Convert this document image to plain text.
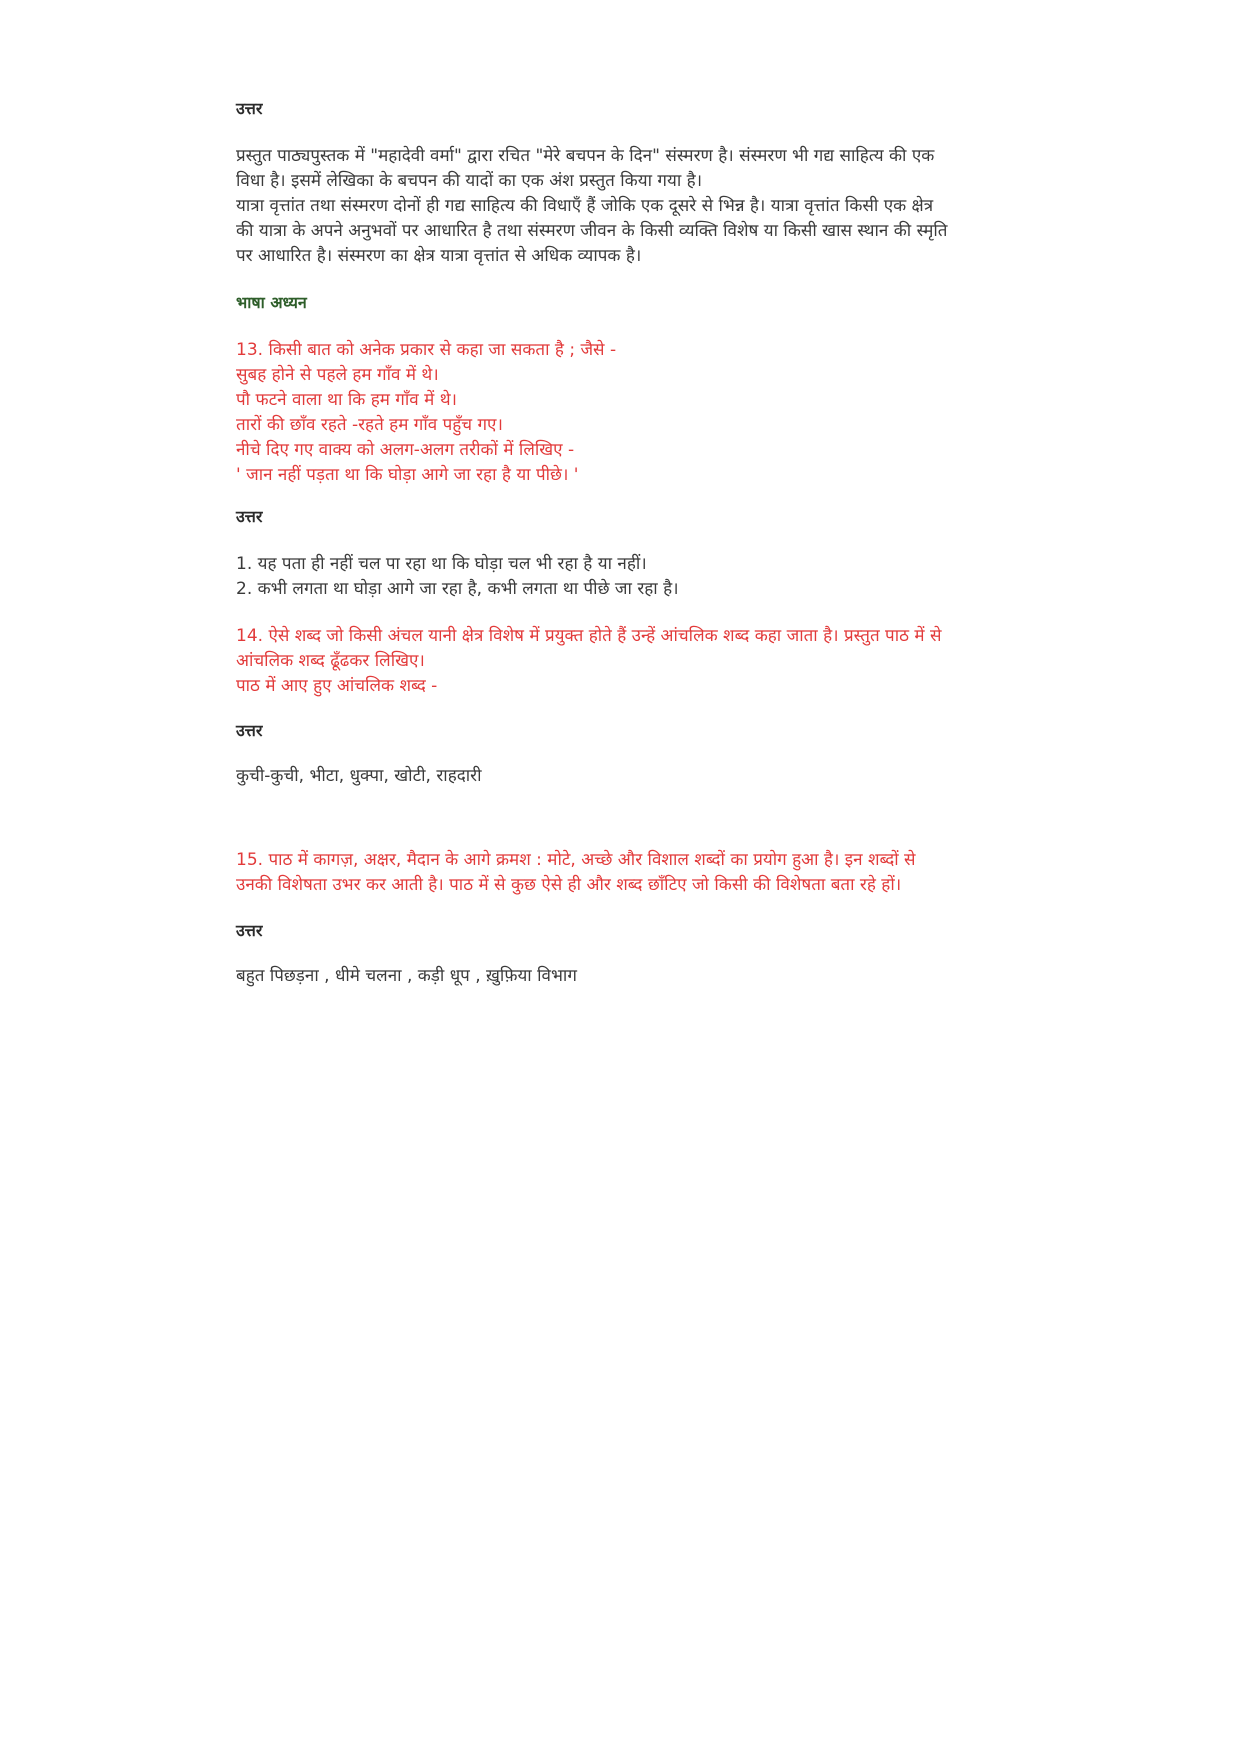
उत्तर
प्रस्तुत पाठ्यपुस्तक में "महादेवी वर्मा" द्वारा रचित "मेरे बचपन के दिन" संस्मरण है। संस्मरण भी गद्य साहित्य की एक
विधा है। इसमें लेखिका के बचपन की यादों का एक अंश प्रस्तुत किया गया है।
यात्रा वृत्तांत तथा संस्मरण दोनों ही गद्य साहित्य की विधाएँ हैं जोकि एक दूसरे से भिन्न है। यात्रा वृत्तांत किसी एक क्षेत्र
की यात्रा के अपने अनुभवों पर आधारित है तथा संस्मरण जीवन के किसी व्यक्ति विशेष या किसी खास स्थान की स्मृति
पर आधारित है। संस्मरण का क्षेत्र यात्रा वृत्तांत से अधिक व्यापक है।
भाषा अध्यन
13. किसी बात को अनेक प्रकार से कहा जा सकता है ; जैसे -
सुबह होने से पहले हम गाँव में थे।
पौ फटने वाला था कि हम गाँव में थे।
तारों की छाँव रहते -रहते हम गाँव पहुँच गए।
नीचे दिए गए वाक्य को अलग-अलग तरीकों में लिखिए -
' जान नहीं पड़ता था कि घोड़ा आगे जा रहा है या पीछे। '
उत्तर
1. यह पता ही नहीं चल पा रहा था कि घोड़ा चल भी रहा है या नहीं।
2. कभी लगता था घोड़ा आगे जा रहा है, कभी लगता था पीछे जा रहा है।
14. ऐसे शब्द जो किसी अंचल यानी क्षेत्र विशेष में प्रयुक्त होते हैं उन्हें आंचलिक शब्द कहा जाता है। प्रस्तुत पाठ में से
आंचलिक शब्द ढूँढकर लिखिए।
पाठ में आए हुए आंचलिक शब्द -
उत्तर
कुची-कुची, भीटा, धुक्पा, खोटी, राहदारी
15. पाठ में कागज़, अक्षर, मैदान के आगे क्रमश : मोटे, अच्छे और विशाल शब्दों का प्रयोग हुआ है। इन शब्दों से
उनकी विशेषता उभर कर आती है। पाठ में से कुछ ऐसे ही और शब्द छाँटिए जो किसी की विशेषता बता रहे हों।
उत्तर
बहुत पिछड़ना , धीमे चलना , कड़ी धूप , ख़ुफ़िया विभाग
